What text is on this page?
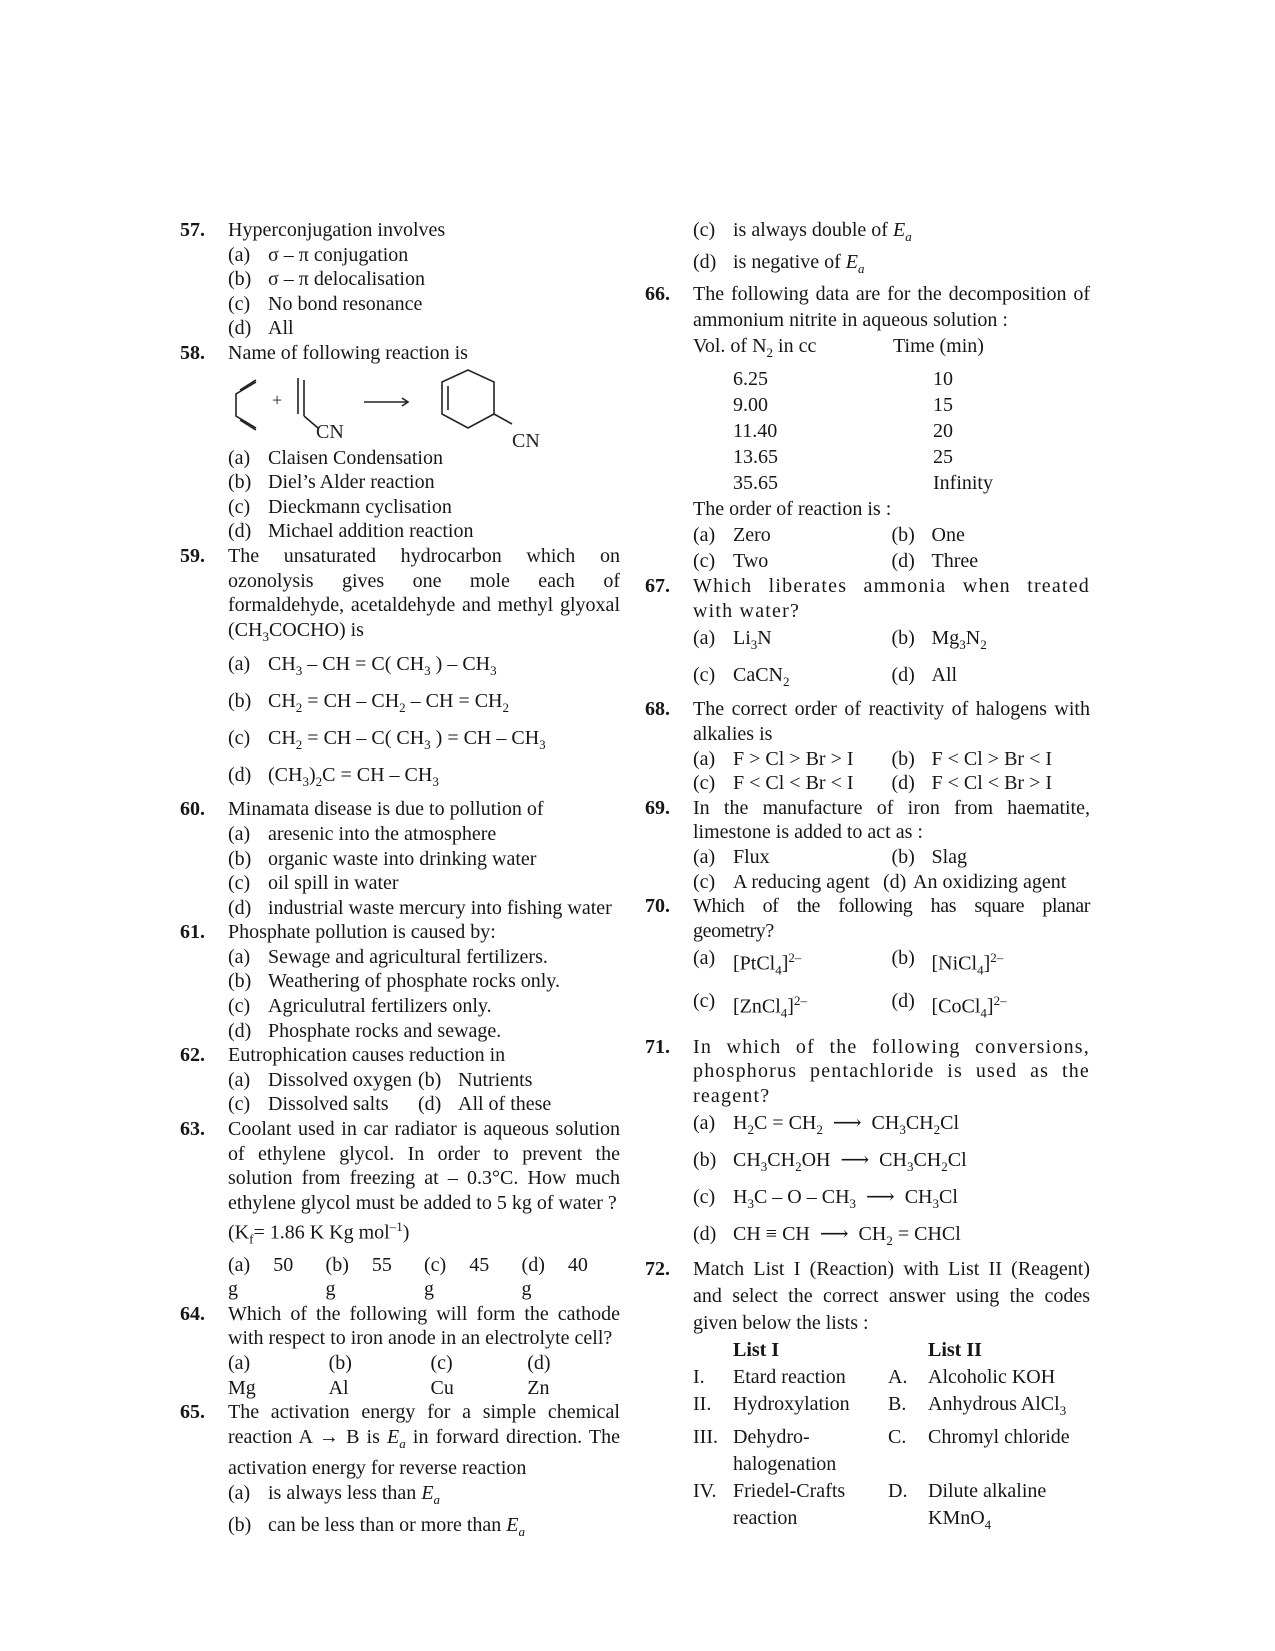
57. Hyperconjugation involves
(a) σ – π conjugation
(b) σ – π delocalisation
(c) No bond resonance
(d) All
58. Name of following reaction is
+
CN	CN
(a) Claisen Condensation
(b) Diel’s Alder reaction
(c) Dieckmann cyclisation
(d) Michael addition reaction
59. The unsaturated hydrocarbon which on ozonolysis gives one mole each of formaldehyde, acetaldehyde and methyl glyoxal $(CH_3COCHO)$ is
(a) $CH_3$ – CH = C( $CH_3$ ) – $CH_3$
(b) $CH_2$ = CH – $CH_2$ – CH = $CH_2$
(c) $CH_2$ = CH – C( $CH_3$ ) = CH – $CH_3$
(d) $(CH_3)_2C$ = CH – $CH_3$
60. Minamata disease is due to pollution of
(a) aresenic into the atmosphere
(b) organic waste into drinking water
(c) oil spill in water
(d) industrial waste mercury into fishing water
61. Phosphate pollution is caused by:
(a) Sewage and agricultural fertilizers.
(b) Weathering of phosphate rocks only.
(c) Agriculutral fertilizers only.
(d) Phosphate rocks and sewage.
62. Eutrophication causes reduction in
(a) Dissolved oxygen (b) Nutrients
(c) Dissolved salts (d) All of these
63. Coolant used in car radiator is aqueous solution of ethylene glycol. In order to prevent the solution from freezing at – 0.3°C. How much ethylene glycol must be added to 5 kg of water ?
($K_f= 1.86$ K Kg mol$^{-1}$)
(a) 50 g
(b) 55 g
(c) 45 g
(d) 40 g
64. Which of the following will form the cathode with respect to iron anode in an electrolyte cell?
(a) Mg
(b) Al
(c) Cu
(d) Zn
65. The activation energy for a simple chemical reaction A → B is $E_a$ in forward direction. The activation energy for reverse reaction
(a) is always less than $E_a$
(b) can be less than or more than $E_a$
(c) is always double of $E_a$
(d) is negative of $E_a$
66. The following data are for the decomposition of ammonium nitrite in aqueous solution :
Vol. of $N_2$ in cc	Time (min)
6.25	10
9.00	15
11.40	20
13.65	25
35.65	Infinity
The order of reaction is :
(a) Zero	(b) One
(c) Two	(d) Three
67. Which liberates ammonia when treated with water?
(a) $Li_3N$	(b) $Mg_3N_2$
(c) CaCN$_2$	(d) All
68. The correct order of reactivity of halogens with alkalies is
(a) F > Cl > Br > I (b) F < Cl > Br < I
(c) F < Cl < Br < I (d) F < Cl < Br > I
69. In the manufacture of iron from haematite, limestone is added to act as :
(a) Flux	(b) Slag
(c) A reducing agent (d) An oxidizing agent
70. Which of the following has square planar geometry?
(a) [PtCl$_4$]$^{2-}$	(b) [NiCl$_4$]$^{2-}$
(c) [ZnCl$_4$]$^{2-}$	(d) [CoCl$_4$]$^{2-}$
71. In which of the following conversions, phosphorus pentachloride is used as the reagent?
(a) $H_2C = CH_2$ ⟶ $CH_3CH_2Cl$
(b) $CH_3CH_2OH$ ⟶ $CH_3CH_2Cl$
(c) $H_3C$ – O – $CH_3$ ⟶ $CH_3Cl$
(d) CH ≡ CH ⟶ $CH_2$ = CHCl
72. Match List I (Reaction) with List II (Reagent) and select the correct answer using the codes given below the lists :
List I	List II
I.	Etard reaction	A.	Alcoholic KOH
II.	Hydroxylation	B.	Anhydrous AlCl$_3$
III. Dehydro-	C.	Chromyl chloride
halogenation
IV. Friedel-Crafts	D.	Dilute alkaline
reaction	KMnO$_4$
